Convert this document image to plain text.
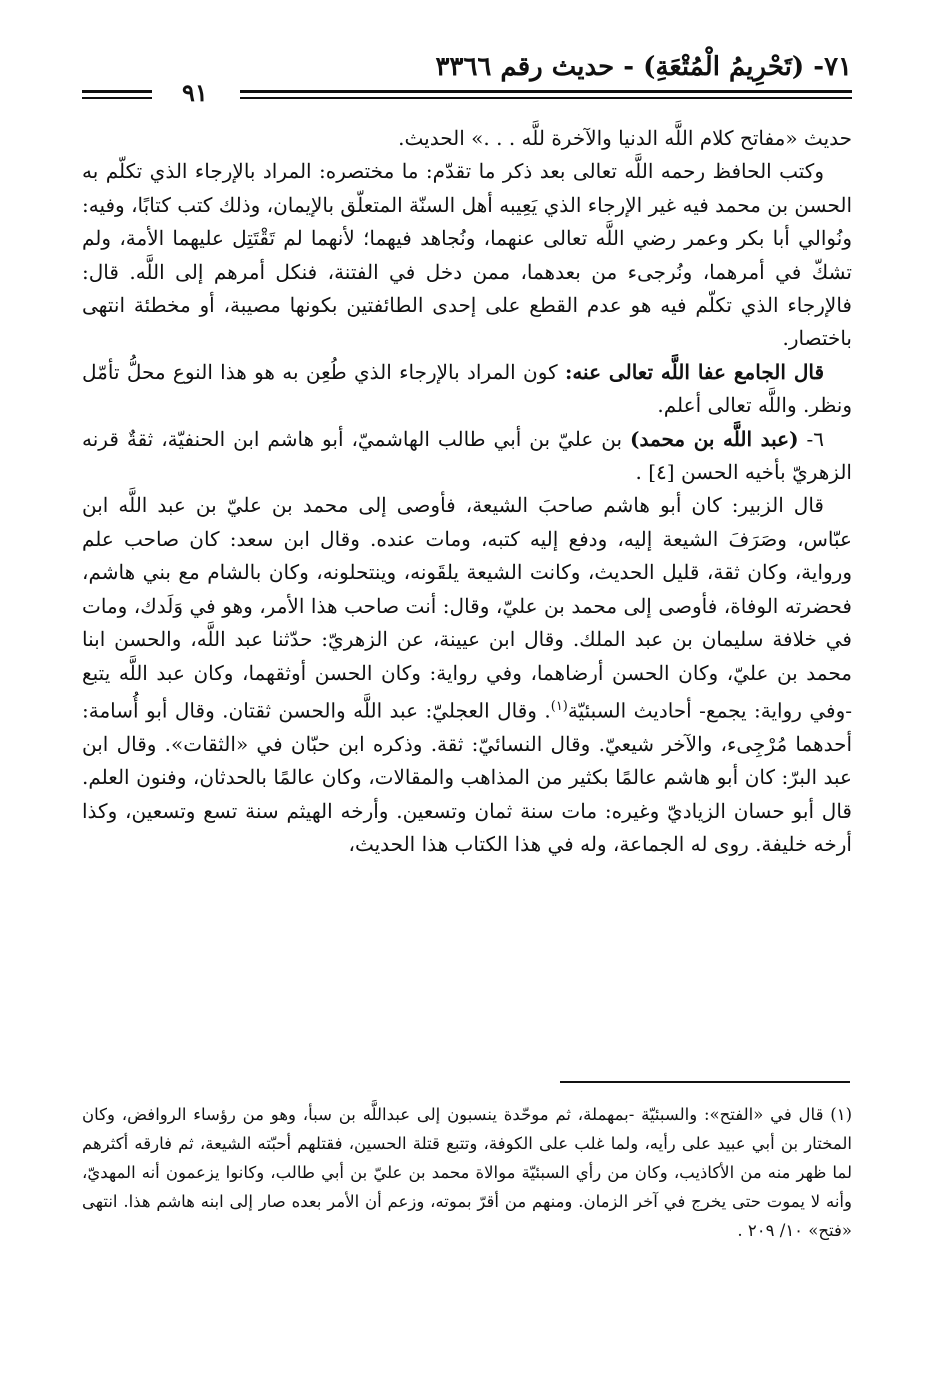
٧١- (تَحْرِيمُ الْمُتْعَةِ) - حديث رقم ٣٣٦٦
٩١

حديث «مفاتح كلام اللَّه الدنيا والآخرة للَّه . . .» الحديث.

وكتب الحافظ رحمه اللَّه تعالى بعد ذكر ما تقدّم: ما مختصره: المراد بالإرجاء الذي تكلّم به الحسن بن محمد فيه غير الإرجاء الذي يَعِيبه أهل السنّة المتعلّق بالإيمان، وذلك كتب كتابًا، وفيه: ونُوالي أبا بكر وعمر رضي اللَّه تعالى عنهما، ونُجاهد فيهما؛ لأنهما لم تَقْتَتِل عليهما الأمة، ولم تشكّ في أمرهما، ونُرجىء من بعدهما، ممن دخل في الفتنة، فنكل أمرهم إلى اللَّه. قال: فالإرجاء الذي تكلّم فيه هو عدم القطع على إحدى الطائفتين بكونها مصيبة، أو مخطئة انتهى باختصار.

قال الجامع عفا اللَّه تعالى عنه: كون المراد بالإرجاء الذي طُعِن به هو هذا النوع محلُّ تأمّل ونظر. واللَّه تعالى أعلم.

٦- (عبد اللَّه بن محمد) بن عليّ بن أبي طالب الهاشميّ، أبو هاشم ابن الحنفيّة، ثقةٌ قرنه الزهريّ بأخيه الحسن [٤] .

قال الزبير: كان أبو هاشم صاحبَ الشيعة، فأوصى إلى محمد بن عليّ بن عبد اللَّه ابن عبّاس، وصَرَفَ الشيعة إليه، ودفع إليه كتبه، ومات عنده. وقال ابن سعد: كان صاحب علم ورواية، وكان ثقة، قليل الحديث، وكانت الشيعة يلقَونه، وينتحلونه، وكان بالشام مع بني هاشم، فحضرته الوفاة، فأوصى إلى محمد بن عليّ، وقال: أنت صاحب هذا الأمر، وهو في وَلَدك، ومات في خلافة سليمان بن عبد الملك. وقال ابن عيينة، عن الزهريّ: حدّثنا عبد اللَّه، والحسن ابنا محمد بن عليّ، وكان الحسن أرضاهما، وفي رواية: وكان الحسن أوثقهما، وكان عبد اللَّه يتبع -وفي رواية: يجمع- أحاديث السبئيّة$^{(١)}$. وقال العجليّ: عبد اللَّه والحسن ثقتان. وقال أبو أُسامة: أحدهما مُرْجِىء، والآخر شيعيّ. وقال النسائيّ: ثقة. وذكره ابن حبّان في «الثقات». وقال ابن عبد البرّ: كان أبو هاشم عالمًا بكثير من المذاهب والمقالات، وكان عالمًا بالحدثان، وفنون العلم. قال أبو حسان الزياديّ وغيره: مات سنة ثمان وتسعين. وأرخه الهيثم سنة تسع وتسعين، وكذا أرخه خليفة. روى له الجماعة، وله في هذا الكتاب هذا الحديث،

(١) قال في «الفتح»: والسبئيّة -بمهملة، ثم موحّدة ينسبون إلى عبداللَّه بن سبأ، وهو من رؤساء الروافض، وكان المختار بن أبي عبيد على رأيه، ولما غلب على الكوفة، وتتبع قتلة الحسين، فقتلهم أحبّته الشيعة، ثم فارقه أكثرهم لما ظهر منه من الأكاذيب، وكان من رأي السبئيّة موالاة محمد بن عليّ بن أبي طالب، وكانوا يزعمون أنه المهديّ، وأنه لا يموت حتى يخرج في آخر الزمان. ومنهم من أقرّ بموته، وزعم أن الأمر بعده صار إلى ابنه هاشم هذا. انتهى «فتح» ١٠/ ٢٠٩ .
